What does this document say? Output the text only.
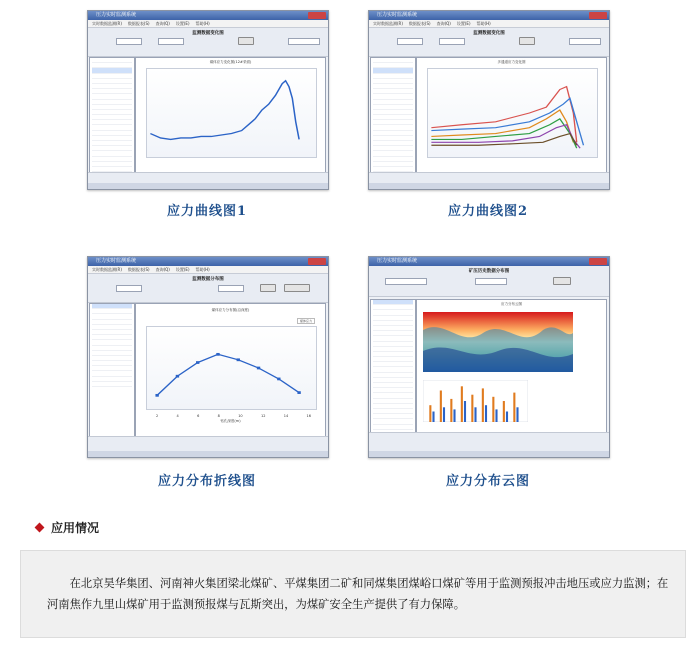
压力实时监测系统
实时数据监测(R) 数据报表(S) 查询(Q) 设置(E) 帮助(H)
监测数据变化图
煤体应力变化图(12#采面)
压力实时监测系统
实时数据监测(R) 数据报表(S) 查询(Q) 设置(E) 帮助(H)
监测数据变化图
多通道应力变化图
应力曲线图1	应力曲线图2
压力实时监测系统
实时数据监测(R) 数据报表(S) 查询(Q) 设置(E) 帮助(H)
监测数据分布图
煤体应力分布图(沿深度)
煤体应力
2	4	6	8	10	12	14	16
钻孔深度(m)
压力实时监测系统
矿压历史数据分布图
应力分布云图
应力分布折线图	应力分布云图
应用情况

在北京昊华集团、河南神火集团梁北煤矿、平煤集团二矿和同煤集团煤峪口煤矿等用于监测预报冲击地压或应力监测；在河南焦作九里山煤矿用于监测预报煤与瓦斯突出，为煤矿安全生产提供了有力保障。
